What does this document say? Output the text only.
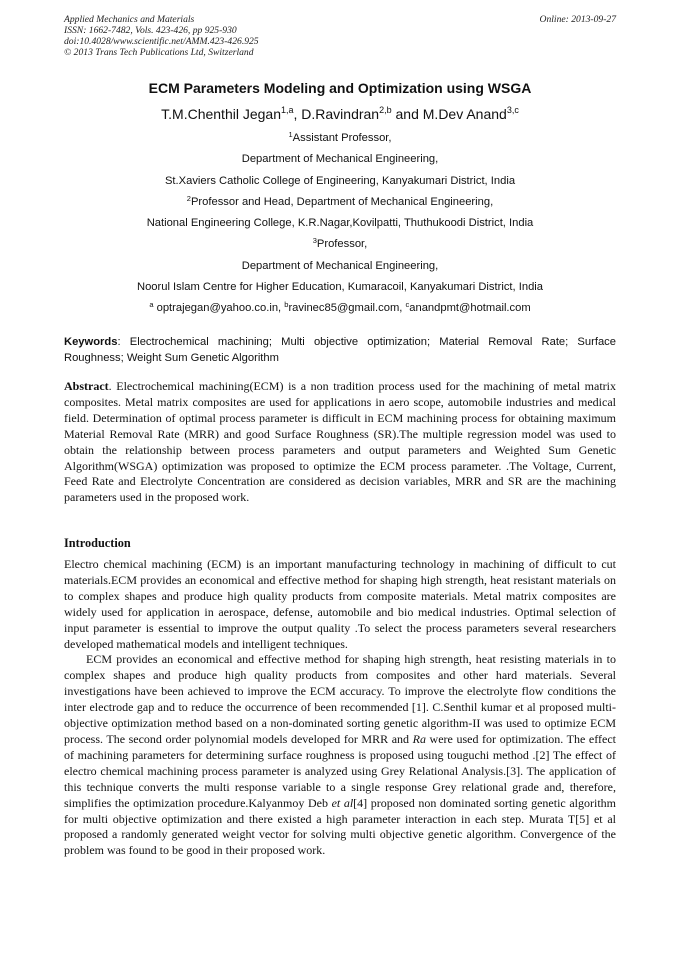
Applied Mechanics and Materials
ISSN: 1662-7482, Vols. 423-426, pp 925-930
doi:10.4028/www.scientific.net/AMM.423-426.925
© 2013 Trans Tech Publications Ltd, Switzerland
Online: 2013-09-27
ECM Parameters Modeling and Optimization using WSGA
T.M.Chenthil Jegan$^{1,a}$, D.Ravindran$^{2,b}$ and M.Dev Anand$^{3,c}$
$^1$Assistant Professor,
Department of Mechanical Engineering,
St.Xaviers Catholic College of Engineering, Kanyakumari District, India
$^2$Professor and Head, Department of Mechanical Engineering,
National Engineering College, K.R.Nagar,Kovilpatti, Thuthukoodi District, India
$^3$Professor,
Department of Mechanical Engineering,
Noorul Islam Centre for Higher Education, Kumaracoil, Kanyakumari District, India
$^a$ optrajegan@yahoo.co.in, $^b$ravinec85@gmail.com, $^c$anandpmt@hotmail.com
Keywords: Electrochemical machining; Multi objective optimization; Material Removal Rate; Surface Roughness; Weight Sum Genetic Algorithm
Abstract. Electrochemical machining(ECM) is a non tradition process used for the machining of metal matrix composites. Metal matrix composites are used for applications in aero scope, automobile industries and medical field. Determination of optimal process parameter is difficult in ECM machining process for obtaining maximum Material Removal Rate (MRR) and good Surface Roughness (SR).The multiple regression model was used to obtain the relationship between process parameters and output parameters and Weighted Sum Genetic Algorithm(WSGA) optimization was proposed to optimize the ECM process parameter. .The Voltage, Current, Feed Rate and Electrolyte Concentration are considered as decision variables, MRR and SR are the machining parameters used in the proposed work.
Introduction

Electro chemical machining (ECM) is an important manufacturing technology in machining of difficult to cut materials.ECM provides an economical and effective method for shaping high strength, heat resistant materials on to complex shapes and produce high quality products from composite materials. Metal matrix composites are widely used for application in aerospace, defense, automobile and bio medical industries. Optimal selection of input parameter is essential to improve the output quality .To select the process parameters several researchers developed mathematical models and intelligent techniques.

ECM provides an economical and effective method for shaping high strength, heat resisting materials in to complex shapes and produce high quality products from composites and other hard materials. Several investigations have been achieved to improve the ECM accuracy. To improve the electrolyte flow conditions the inter electrode gap and to reduce the occurrence of been recommended [1]. C.Senthil kumar et al proposed multi-objective optimization method based on a non-dominated sorting genetic algorithm-II was used to optimize ECM process. The second order polynomial models developed for MRR and Ra were used for optimization. The effect of machining parameters for determining surface roughness is proposed using touguchi method .[2] The effect of electro chemical machining process parameter is analyzed using Grey Relational Analysis.[3]. The application of this technique converts the multi response variable to a single response Grey relational grade and, therefore, simplifies the optimization procedure.Kalyanmoy Deb et al[4] proposed non dominated sorting genetic algorithm for multi objective optimization and there existed a high parameter interaction in each step. Murata T[5] et al proposed a randomly generated weight vector for solving multi objective genetic algorithm. Convergence of the problem was found to be good in their proposed work.
